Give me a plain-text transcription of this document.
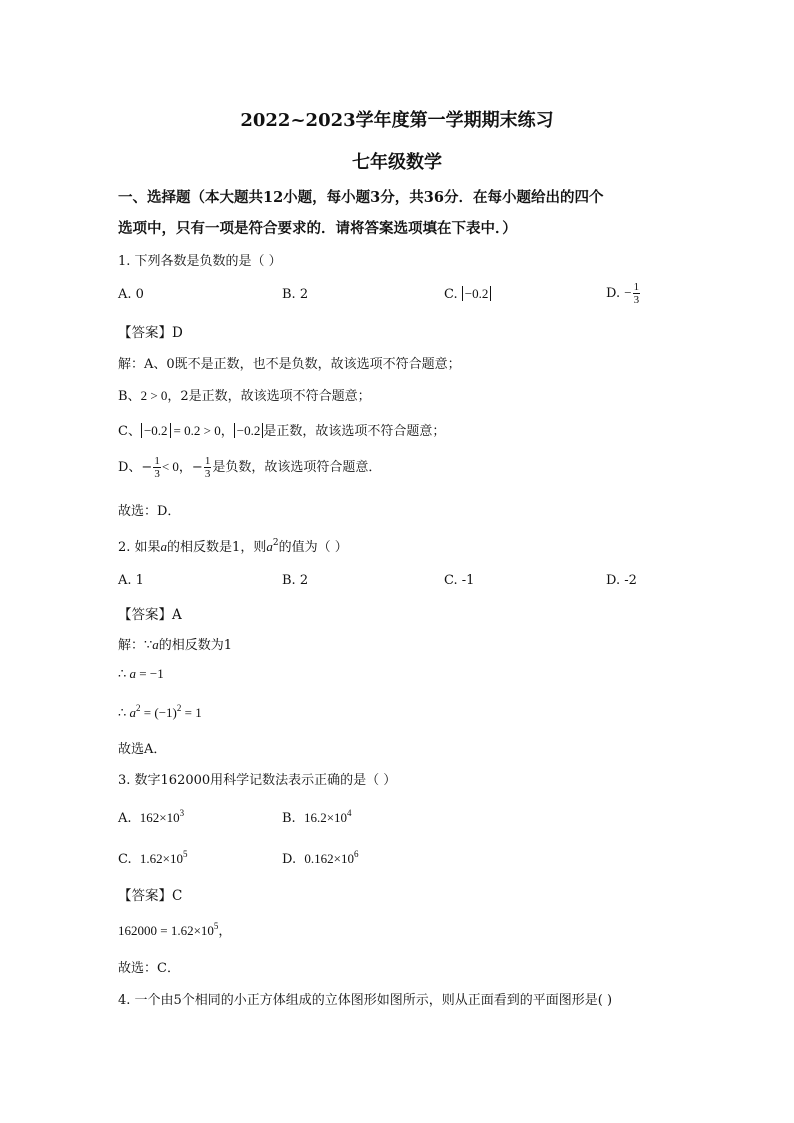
2022~2023学年度第一学期期末练习
七年级数学
一、选择题（本大题共12小题，每小题3分，共36分．在每小题给出的四个
选项中，只有一项是符合要求的．请将答案选项填在下表中．）
1. 下列各数是负数的是（ ）
A. 0	B. 2	C. −0.2	D. − $\frac{1}{3}$
【答案】D
解：A、0既不是正数，也不是负数，故该选项不符合题意；
B、2 > 0，2是正数，故该选项不符合题意；
C、 −0.2 = 0.2 > 0， −0.2 是正数，故该选项不符合题意；
D、− $\frac{1}{3} < 0$，− $\frac{1}{3}$ 是负数，故该选项符合题意．
故选：D．
2. 如果a的相反数是1，则$a^2$的值为（ ）
A. 1	B. 2	C. -1	D. -2
【答案】A
解：∵a的相反数为1
∴ a = −1
∴ $a^2 = (-1)^2 = 1$
故选A．
3. 数字162000用科学记数法表示正确的是（ ）
A. $162\times 10^3$	B. $16.2\times 10^4$
C. $1.62\times 10^5$	D. $0.162\times 10^6$
【答案】C
$162000 = 1.62\times 10^5$，
故选：C．
4. 一个由5个相同的小正方体组成的立体图形如图所示，则从正面看到的平面图形是( )
